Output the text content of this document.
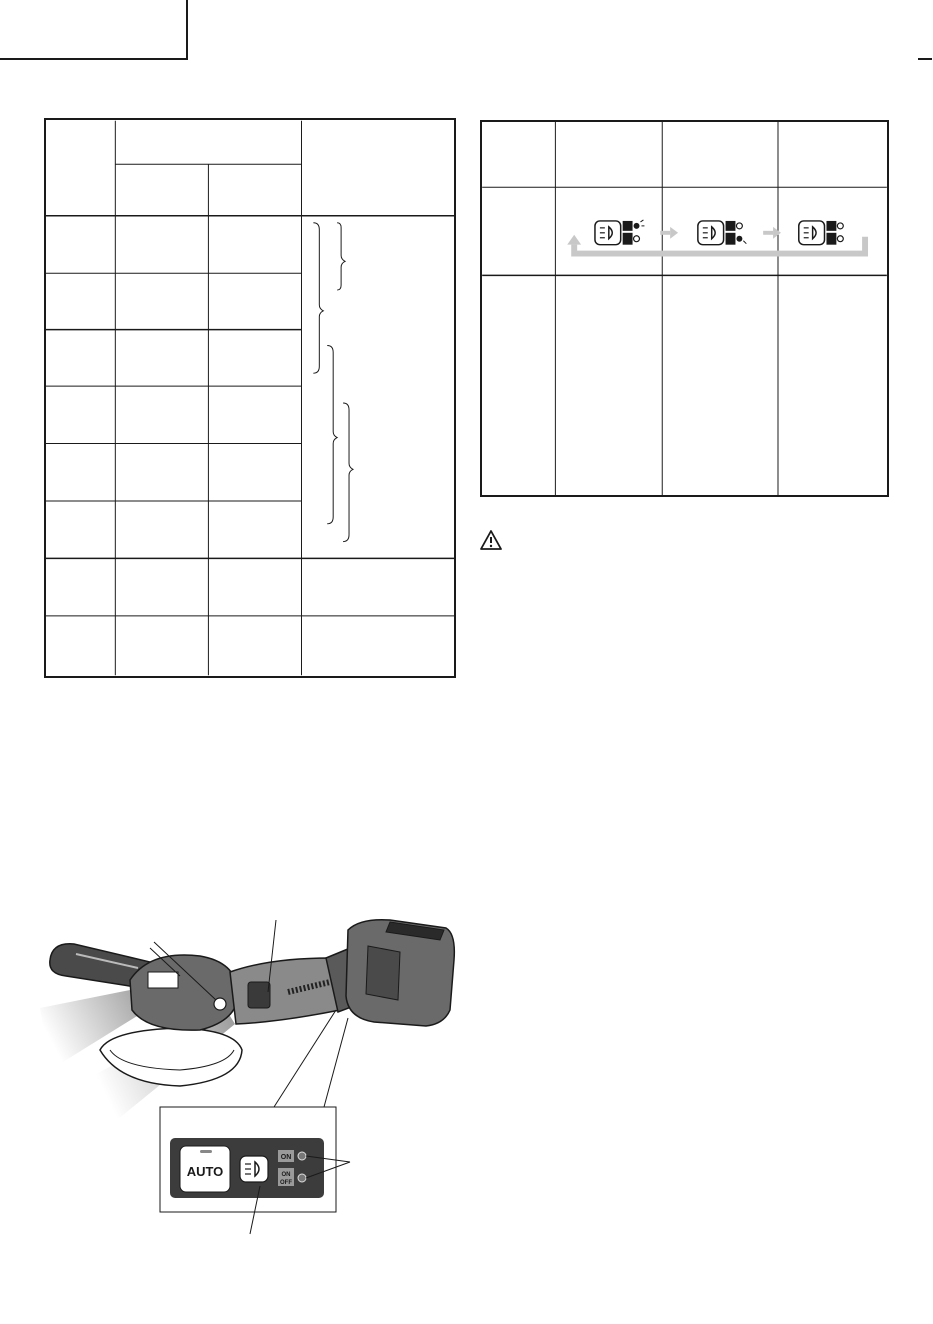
AUTO
ON
ON
OFF
